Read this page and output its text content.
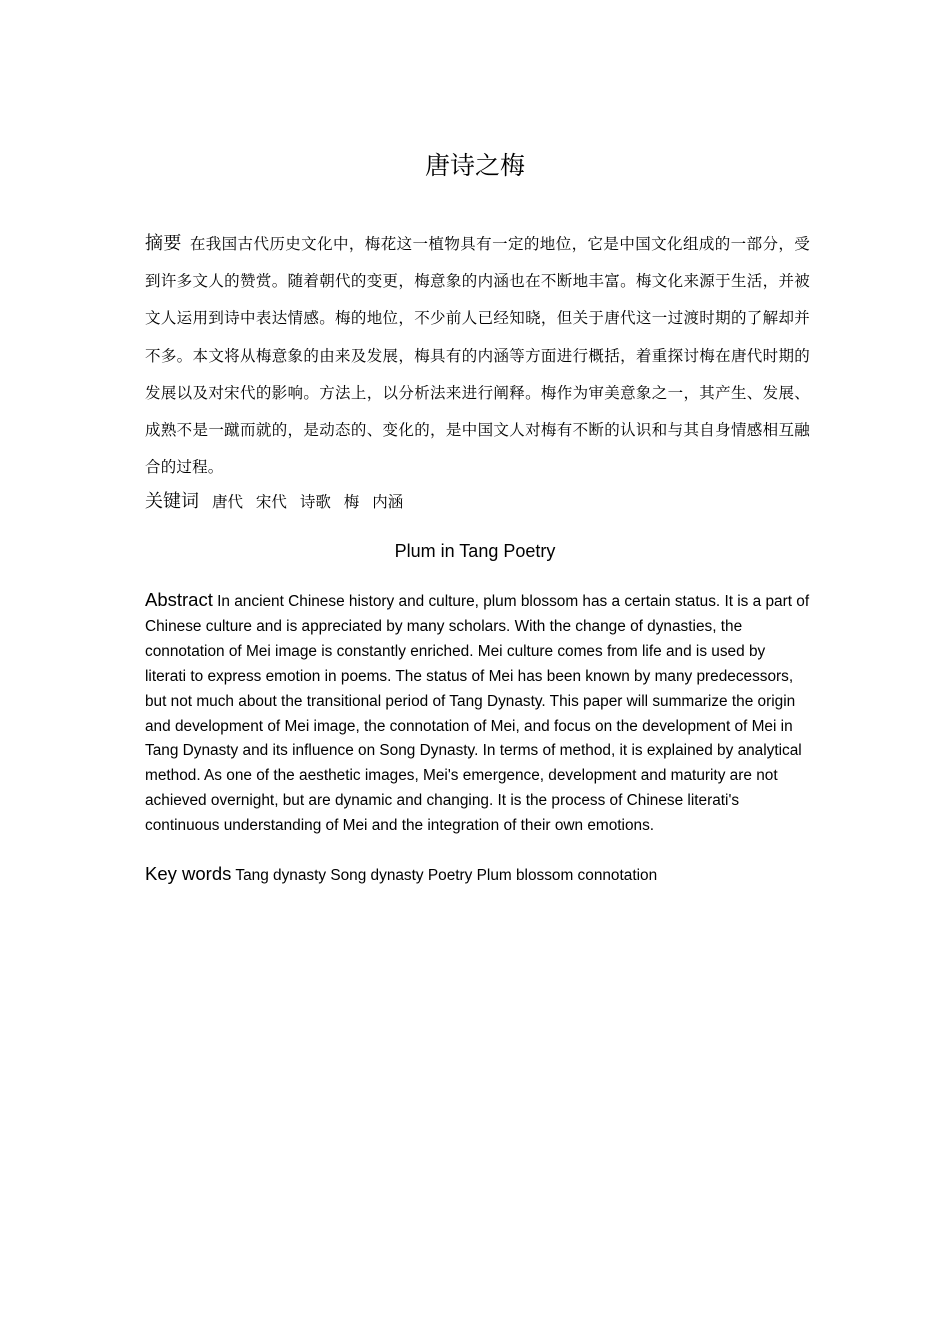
唐诗之梅
摘要 在我国古代历史文化中，梅花这一植物具有一定的地位，它是中国文化组成的一部分，受到许多文人的赞赏。随着朝代的变更，梅意象的内涵也在不断地丰富。梅文化来源于生活，并被文人运用到诗中表达情感。梅的地位，不少前人已经知晓，但关于唐代这一过渡时期的了解却并不多。本文将从梅意象的由来及发展，梅具有的内涵等方面进行概括，着重探讨梅在唐代时期的发展以及对宋代的影响。方法上，以分析法来进行阐释。梅作为审美意象之一，其产生、发展、成熟不是一蹴而就的，是动态的、变化的，是中国文人对梅有不断的认识和与其自身情感相互融合的过程。
关键词 唐代 宋代 诗歌 梅 内涵
Plum in Tang Poetry
Abstract In ancient Chinese history and culture, plum blossom has a certain status. It is a part of Chinese culture and is appreciated by many scholars. With the change of dynasties, the connotation of Mei image is constantly enriched. Mei culture comes from life and is used by literati to express emotion in poems. The status of Mei has been known by many predecessors, but not much about the transitional period of Tang Dynasty. This paper will summarize the origin and development of Mei image, the connotation of Mei, and focus on the development of Mei in Tang Dynasty and its influence on Song Dynasty. In terms of method, it is explained by analytical method. As one of the aesthetic images, Mei's emergence, development and maturity are not achieved overnight, but are dynamic and changing. It is the process of Chinese literati's continuous understanding of Mei and the integration of their own emotions.
Key words Tang dynasty Song dynasty Poetry Plum blossom connotation
